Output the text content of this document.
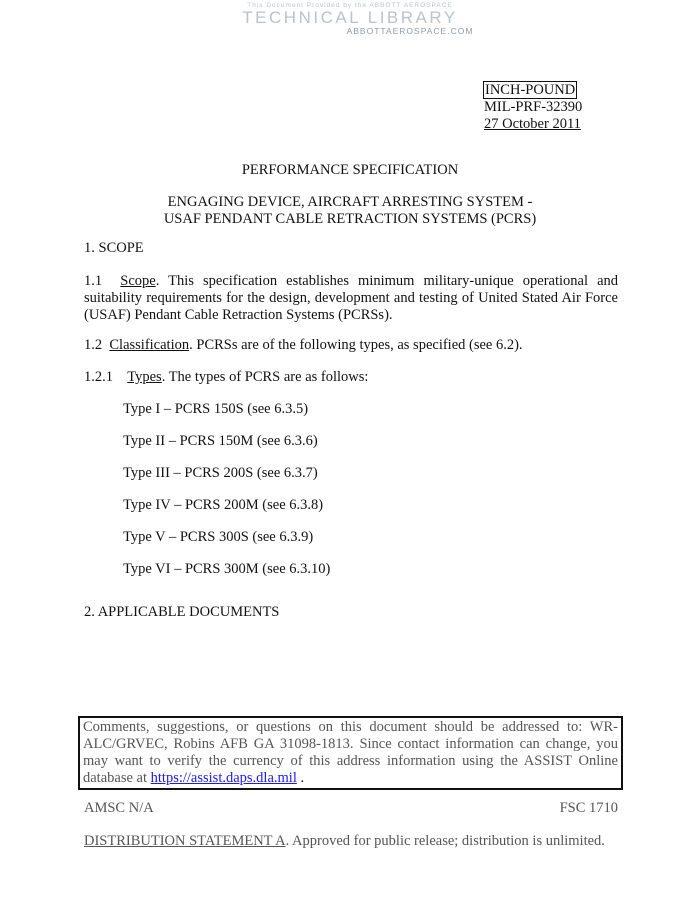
This Document Provided by the ABBOTT AEROSPACE
TECHNICAL LIBRARY
ABBOTTAEROSPACE.COM
INCH-POUND
MIL-PRF-32390
27 October 2011
PERFORMANCE SPECIFICATION
ENGAGING DEVICE, AIRCRAFT ARRESTING SYSTEM -
USAF PENDANT CABLE RETRACTION SYSTEMS (PCRS)
1. SCOPE
1.1 Scope. This specification establishes minimum military-unique operational and suitability requirements for the design, development and testing of United Stated Air Force (USAF) Pendant Cable Retraction Systems (PCRSs).
1.2 Classification. PCRSs are of the following types, as specified (see 6.2).
1.2.1 Types. The types of PCRS are as follows:
Type I – PCRS 150S (see 6.3.5)
Type II – PCRS 150M (see 6.3.6)
Type III – PCRS 200S (see 6.3.7)
Type IV – PCRS 200M (see 6.3.8)
Type V – PCRS 300S (see 6.3.9)
Type VI – PCRS 300M (see 6.3.10)
2. APPLICABLE DOCUMENTS
Comments, suggestions, or questions on this document should be addressed to: WR-ALC/GRVEC, Robins AFB GA 31098-1813. Since contact information can change, you may want to verify the currency of this address information using the ASSIST Online database at https://assist.daps.dla.mil .
AMSC N/A	FSC 1710
DISTRIBUTION STATEMENT A. Approved for public release; distribution is unlimited.
